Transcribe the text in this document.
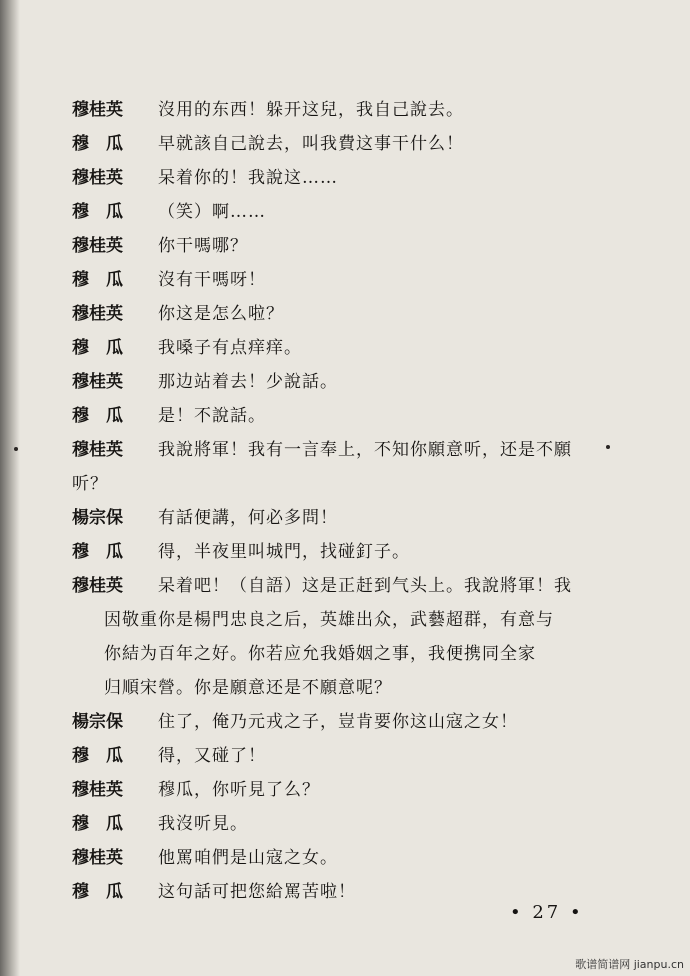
穆桂英	沒用的东西！躲开这兒，我自己說去。
穆　瓜	早就該自己說去，叫我費这事干什么！
穆桂英	呆着你的！我說这……
穆　瓜	（笑）啊……
穆桂英	你干嗎哪？
穆　瓜	沒有干嗎呀！
穆桂英	你这是怎么啦？
穆　瓜	我嗓子有点痒痒。
穆桂英	那边站着去！少說話。
穆　瓜	是！不說話。
穆桂英	我說將軍！我有一言奉上，不知你願意听，还是不願
听？
楊宗保	有話便講，何必多問！
穆　瓜	得，半夜里叫城門，找碰釘子。
穆桂英	呆着吧！（自語）这是正赶到气头上。我說將軍！我
因敬重你是楊門忠良之后，英雄出众，武藝超群，有意与
你結为百年之好。你若应允我婚姻之事，我便携同全家
归順宋營。你是願意还是不願意呢？
楊宗保	住了，俺乃元戎之子，豈肯要你这山寇之女！
穆　瓜	得，又碰了！
穆桂英	穆瓜，你听見了么？
穆　瓜	我沒听見。
穆桂英	他罵咱們是山寇之女。
穆　瓜	这句話可把您給罵苦啦！
• 27 •
歌谱简谱网 jianpu.cn
